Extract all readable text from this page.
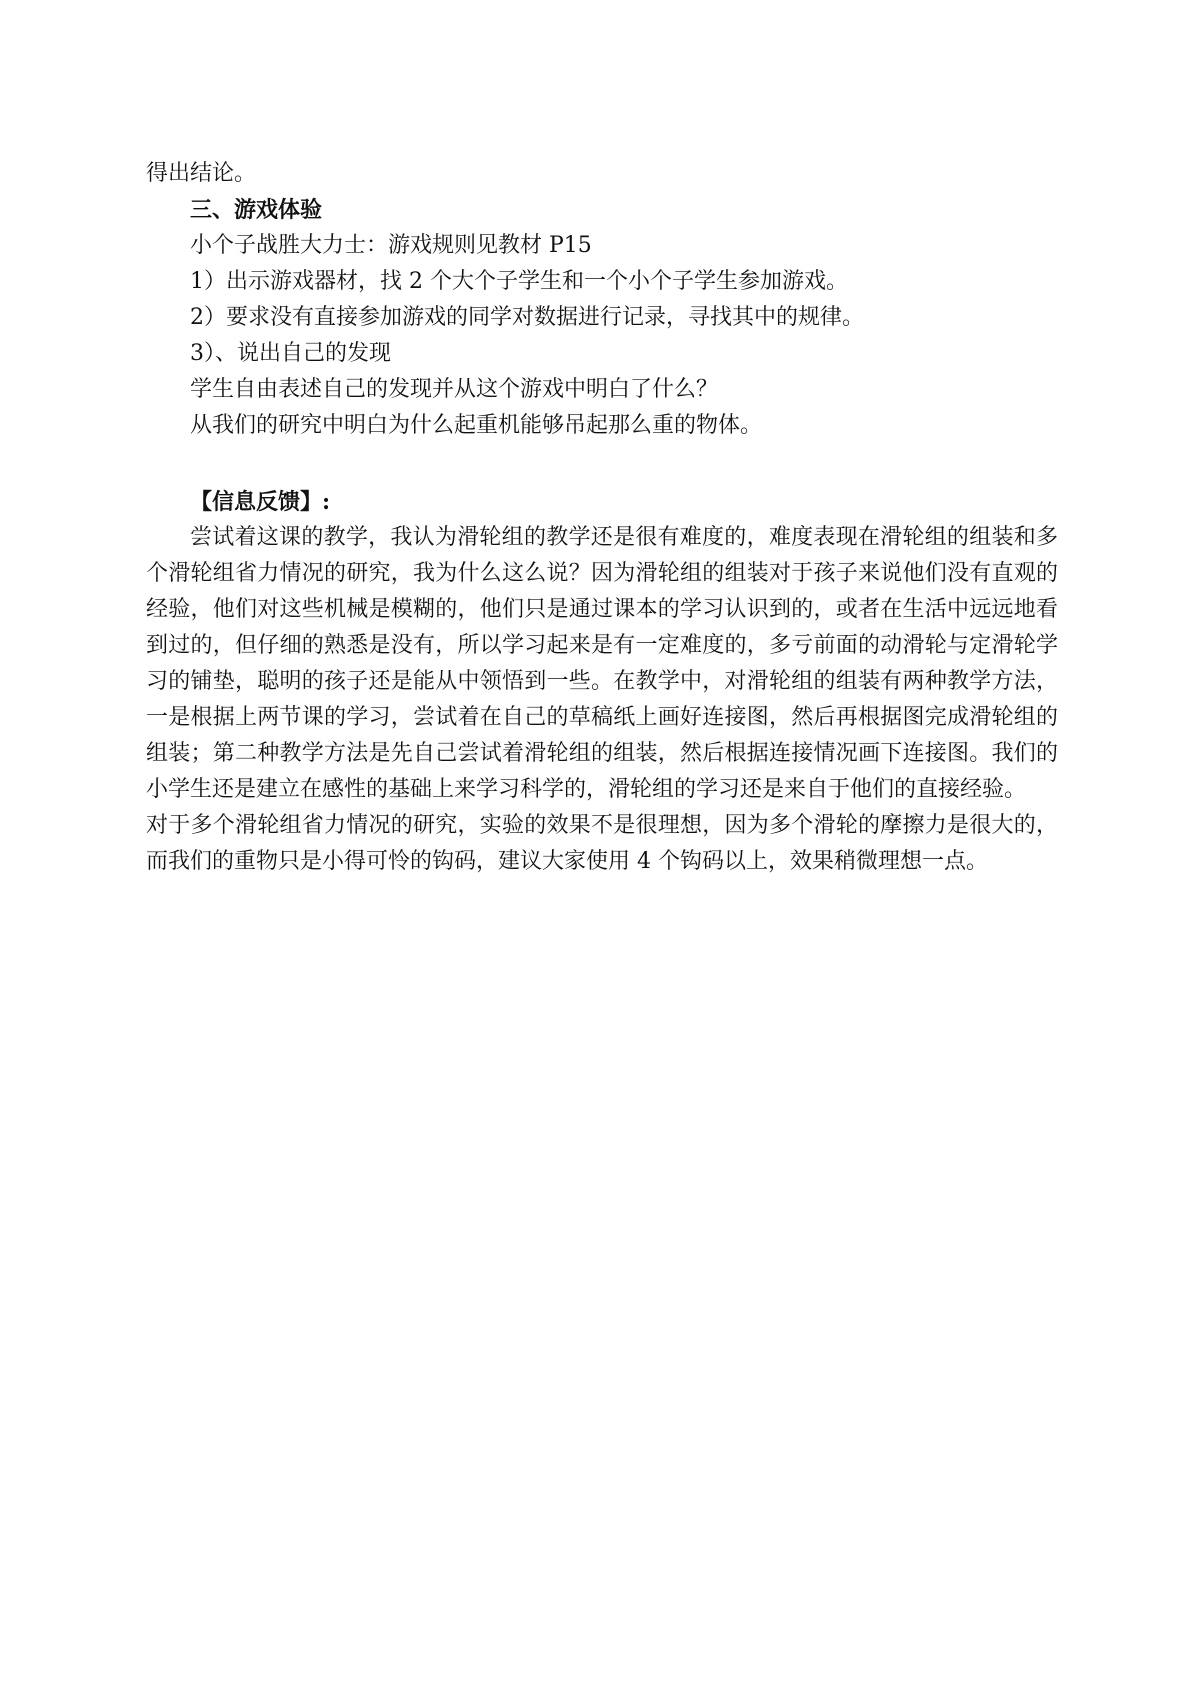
得出结论。

三、游戏体验

小个子战胜大力士：游戏规则见教材 P15

1）出示游戏器材，找 2 个大个子学生和一个小个子学生参加游戏。

2）要求没有直接参加游戏的同学对数据进行记录，寻找其中的规律。

3）、说出自己的发现

学生自由表述自己的发现并从这个游戏中明白了什么？

从我们的研究中明白为什么起重机能够吊起那么重的物体。

【信息反馈】:

尝试着这课的教学，我认为滑轮组的教学还是很有难度的，难度表现在滑轮组的组装和多个滑轮组省力情况的研究，我为什么这么说？因为滑轮组的组装对于孩子来说他们没有直观的经验，他们对这些机械是模糊的，他们只是通过课本的学习认识到的，或者在生活中远远地看到过的，但仔细的熟悉是没有，所以学习起来是有一定难度的，多亏前面的动滑轮与定滑轮学习的铺垫，聪明的孩子还是能从中领悟到一些。在教学中，对滑轮组的组装有两种教学方法，一是根据上两节课的学习，尝试着在自己的草稿纸上画好连接图，然后再根据图完成滑轮组的组装；第二种教学方法是先自己尝试着滑轮组的组装，然后根据连接情况画下连接图。我们的小学生还是建立在感性的基础上来学习科学的，滑轮组的学习还是来自于他们的直接经验。

对于多个滑轮组省力情况的研究，实验的效果不是很理想，因为多个滑轮的摩擦力是很大的，而我们的重物只是小得可怜的钩码，建议大家使用 4 个钩码以上，效果稍微理想一点。
